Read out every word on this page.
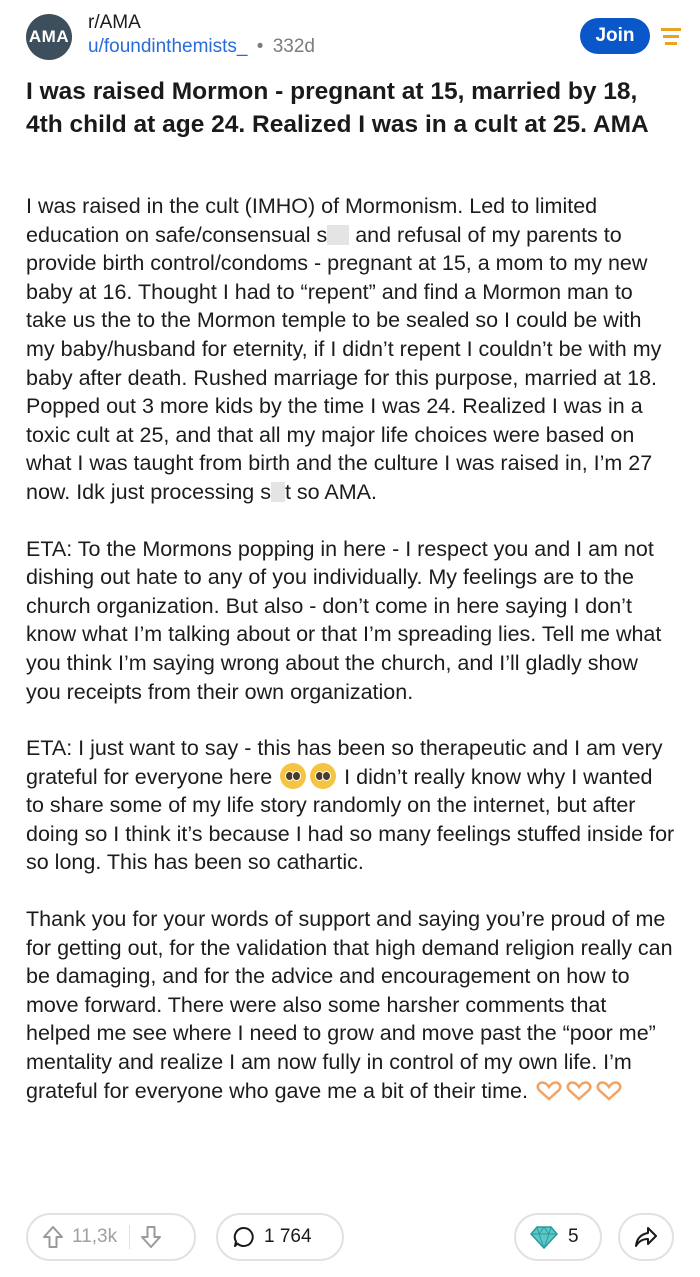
AMA
r/AMA
u/foundinthemists_ • 332d
Join
I was raised Mormon - pregnant at 15, married by 18, 4th child at age 24. Realized I was in a cult at 25. AMA

I was raised in the cult (IMHO) of Mormonism. Led to limited education on safe/consensual s and refusal of my parents to provide birth control/condoms - pregnant at 15, a mom to my new baby at 16. Thought I had to “repent” and find a Mormon man to take us the to the Mormon temple to be sealed so I could be with my baby/husband for eternity, if I didn’t repent I couldn’t be with my baby after death. Rushed marriage for this purpose, married at 18. Popped out 3 more kids by the time I was 24. Realized I was in a toxic cult at 25, and that all my major life choices were based on what I was taught from birth and the culture I was raised in, I’m 27 now. Idk just processing s t so AMA.

ETA: To the Mormons popping in here - I respect you and I am not dishing out hate to any of you individually. My feelings are to the church organization. But also - don’t come in here saying I don’t know what I’m talking about or that I’m spreading lies. Tell me what you think I’m saying wrong about the church, and I’ll gladly show you receipts from their own organization.

ETA: I just want to say - this has been so therapeutic and I am very grateful for everyone here	I didn’t really know why I wanted to share some of my life story randomly on the internet, but after doing so I think it’s because I had so many feelings stuffed inside for so long. This has been so cathartic.

Thank you for your words of support and saying you’re proud of me for getting out, for the validation that high demand religion really can be damaging, and for the advice and encouragement on how to move forward. There were also some harsher comments that helped me see where I need to grow and move past the “poor me” mentality and realize I am now fully in control of my own life. I’m grateful for everyone who gave me a bit of their time.

11,3k	1 764	5
